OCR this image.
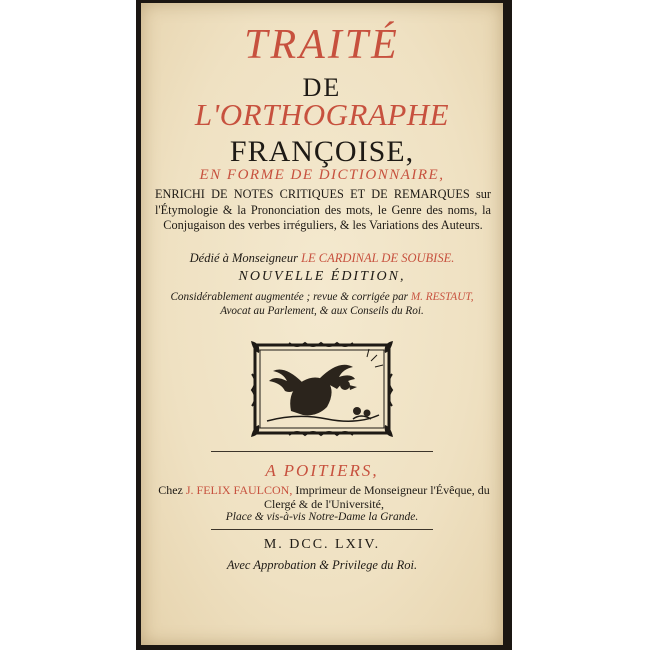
TRAITÉ
DE
L'ORTHOGRAPHE
FRANÇOISE,
EN FORME DE DICTIONNAIRE,
ENRICHI DE NOTES CRITIQUES ET DE REMARQUES sur l'Étymologie & la Prononciation des mots, le Genre des noms, la Conjugaison des verbes irréguliers, & les Variations des Auteurs.
Dédié à Monseigneur LE CARDINAL DE SOUBISE.
NOUVELLE ÉDITION,
Considérablement augmentée ; revue & corrigée par M. RESTAUT,
Avocat au Parlement, & aux Conseils du Roi.
A POITIERS,
Chez J. FELIX FAULCON, Imprimeur de Monseigneur l'Évêque, du Clergé & de l'Université,
Place & vis-à-vis Notre-Dame la Grande.
M. DCC. LXIV.
Avec Approbation & Privilege du Roi.
